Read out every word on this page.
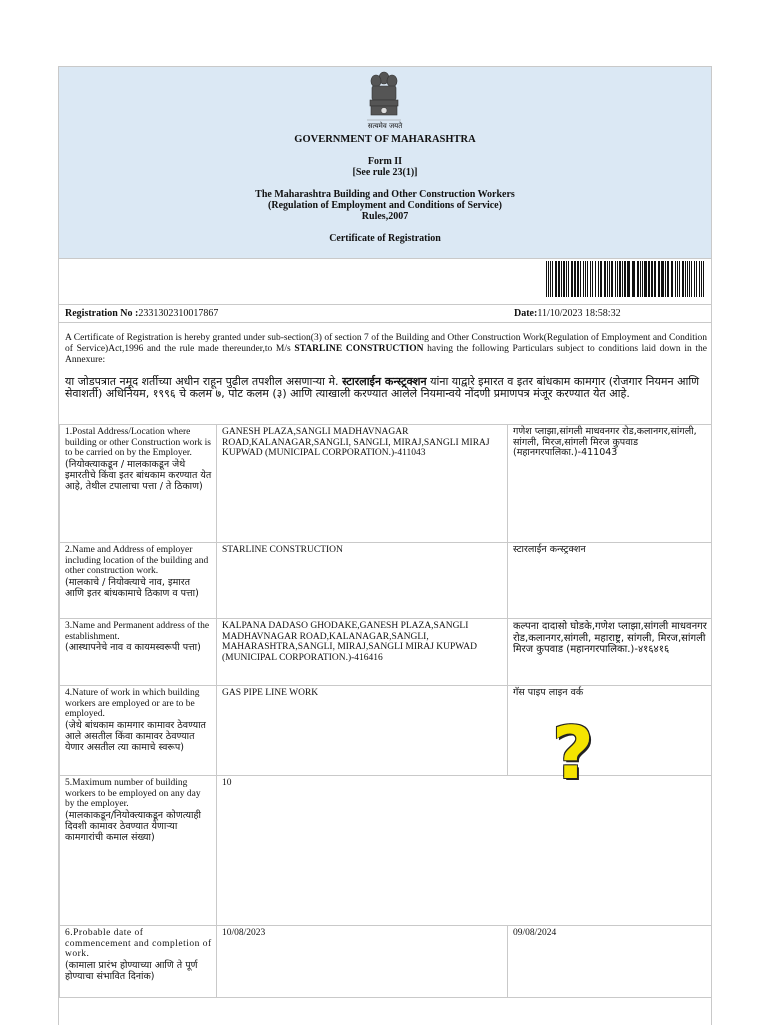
सत्यमेव जयते
GOVERNMENT OF MAHARASHTRA
Form II
[See rule 23(1)]
The Maharashtra Building and Other Construction Workers
(Regulation of Employment and Conditions of Service)
Rules,2007
Certificate of Registration
Registration No :2331302310017867	Date:11/10/2023 18:58:32
A Certificate of Registration is hereby granted under sub-section(3) of section 7 of the Building and Other Construction Work(Regulation of Employment and Condition of Service)Act,1996 and the rule made thereunder,to M/s STARLINE CONSTRUCTION having the following Particulars subject to conditions laid down in the Annexure:
या जोडपत्रात नमूद शर्तीच्या अधीन राहून पुढील तपशील असणाऱ्या मे. स्टारलाईन कन्स्ट्रक्शन यांना याद्वारे इमारत व इतर बांधकाम कामगार (रोजगार नियमन आणि सेवाशर्ती) अधिनियम, १९९६ चे कलम ७, पोट कलम (३) आणि त्याखाली करण्यात आलेले नियमान्वये नोंदणी प्रमाणपत्र मंजूर करण्यात येत आहे.
1.Postal Address/Location where building or other Construction work is to be carried on by the Employer.
(नियोक्त्याकडून / मालकाकडून जेथे इमारतीचे किंवा इतर बांधकाम करण्यात येत आहे, तेथील टपालाचा पत्ता / ते ठिकाण)	GANESH PLAZA,SANGLI MADHAVNAGAR ROAD,KALANAGAR,SANGLI, SANGLI, MIRAJ,SANGLI MIRAJ KUPWAD (MUNICIPAL CORPORATION.)-411043	गणेश प्लाझा,सांगली माधवनगर रोड,कलानगर,सांगली, सांगली, मिरज,सांगली मिरज कुपवाड (महानगरपालिका.)-411043

2.Name and Address of employer including location of the building and other construction work.
(मालकाचे / नियोक्त्याचे नाव, इमारत आणि इतर बांधकामाचे ठिकाण व पत्ता)	STARLINE CONSTRUCTION	स्टारलाईन कन्स्ट्रक्शन

3.Name and Permanent address of the establishment.
(आस्थापनेचे नाव व कायमस्वरूपी पत्ता)	KALPANA DADASO GHODAKE,GANESH PLAZA,SANGLI MADHAVNAGAR ROAD,KALANAGAR,SANGLI, MAHARASHTRA,SANGLI, MIRAJ,SANGLI MIRAJ KUPWAD (MUNICIPAL CORPORATION.)-416416	कल्पना दादासो घोडके,गणेश प्लाझा,सांगली माधवनगर रोड,कलानगर,सांगली, महाराष्ट्र, सांगली, मिरज,सांगली मिरज कुपवाड (महानगरपालिका.)-४१६४१६

4.Nature of work in which building workers are employed or are to be employed.
(जेथे बांधकाम कामगार कामावर ठेवण्यात आले असतील किंवा कामावर ठेवण्यात येणार असतील त्या कामाचे स्वरूप)	GAS PIPE LINE WORK	गॅस पाइप लाइन वर्क

5.Maximum number of building workers to be employed on any day by the employer.
(मालकाकडून/नियोक्त्याकडून कोणत्याही दिवशी कामावर ठेवण्यात येणाऱ्या कामगारांची कमाल संख्या)	10	

6.Probable date of commencement and completion of work.
(कामाला प्रारंभ होण्याच्या आणि ते पूर्ण होण्याचा संभावित दिनांक)	10/08/2023	09/08/2024
?
